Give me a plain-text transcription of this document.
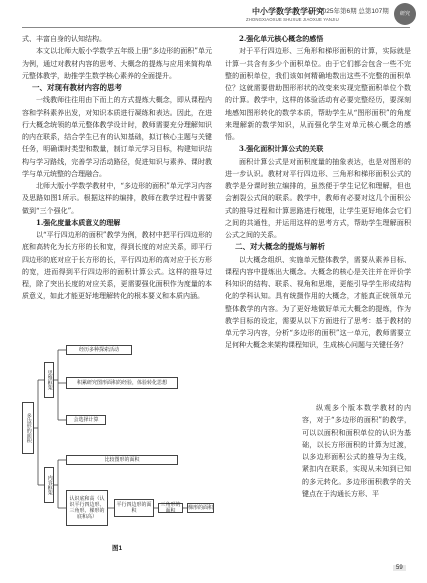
中小学数学教学研究
2025年第6期 总第107期
ZHONGXIAOXUE SHUXUE JIAOXUE YANJIU
研究

式、丰富自身的认知结构。

本文以北师大版小学数学五年级上册“多边形的面积”单元为例，通过对教材内容的思考、大概念的提炼与应用来简构单元整体教学，助推学生数学核心素养的全面提升。

一、对现有教材内容的思考

一线教师往往用由下而上的方式提炼大概念，即从课程内容和学科素养出发，对知识本质进行凝练和表达。因此，在进行大概念统领的单元整体教学设计时，教师需要充分理解知识的内在联系，结合学生已有的认知基础，拟订核心主题与关键任务，明确课时类型和数量，制订单元学习目标，构建知识结构与学习路线，完善学习活动路径，促进知识与素养、课时教学与单元统整的合理融合。

北师大版小学数学教材中，“多边形的面积”单元学习内容及思路如图1所示。根据这样的编排，教师在教学过程中需要做到“三个强化”。

1.强化度量本质意义的理解

以“平行四边形的面积”教学为例，教材中把平行四边形的底和高转化为长方形的长和宽，得到长度的对应关系，即平行四边形的底对应于长方形的长，平行四边形的高对应于长方形的宽，进而得到平行四边形的面积计算公式。这样的推导过程，除了突出长度的对应关系，更需要强化面积作为度量的本质意义，如此才能更好地理解转化的根本要义和本质内涵。

2.强化单元核心概念的感悟

对于平行四边形、三角形和梯形面积的计算，实际就是计算一共含有多少个面积单位。由于它们都会包含一些不完整的面积单位，我们该如何精确地数出这些不完整的面积单位？这就需要借助图形形状的改变来实现完整面积单位个数的计算。教学中，这样的体验活动有必要完整经历，要深刻地感知图形转化的数学本质，帮助学生从“图形面积”的角度来理解新的数学知识，从而强化学生对单元核心概念的感悟。

3.强化面积计算公式的关联

面积计算公式是对面积度量的抽象表达，也是对图形的进一步认识。教材对平行四边形、三角形和梯形面积公式的教学是分课时独立编排的，虽然便于学生记忆和理解，但也会割裂公式间的联系。教学中，教师有必要对这几个面积公式的推导过程和计算思路进行梳理，让学生更好地体会它们之间的共通性，并运用这样的思考方式，帮助学生理解面积公式之间的关系。

二、对大概念的提炼与解析

以大概念组织、实施单元整体教学，需要从素养目标、课程内容中提炼出大概念。大概念的核心是关注并在评价学科知识的结构、联系、视角和思维，更能引导学生形成结构化的学科认知。具有统摄作用的大概念，才能真正统领单元整体教学的内容。为了更好地做好单元大概念的提炼，作为教学目标的设定，需要从以下方面进行了思考：基于教材的单元学习内容，分析“多边形的面积”这一单元，教师需要立足何种大概念来架构课程知识，生成核心问题与关键任务？

纵观多个版本数学教材的内容，对于“多边形的面积”的教学，可以以面积和面积单位的认识为基础，以长方形面积的计算为过渡，以多边形面积公式的推导为主线，紧扣内在联系，实现从未知到已知的多元转化。多边形面积教学的关键点在于沟通长方形、平

多边形的面积
思维框架
内容框架
经历多种探索活动
积累研究图形面积的经验，体验转化思想
会选择计算
比较图形的面积
认识底和高（认识平行四边形、三角形、梯形的底和高）
平行四边形的面积
三角形的面积	梯形的面积
图1
59
